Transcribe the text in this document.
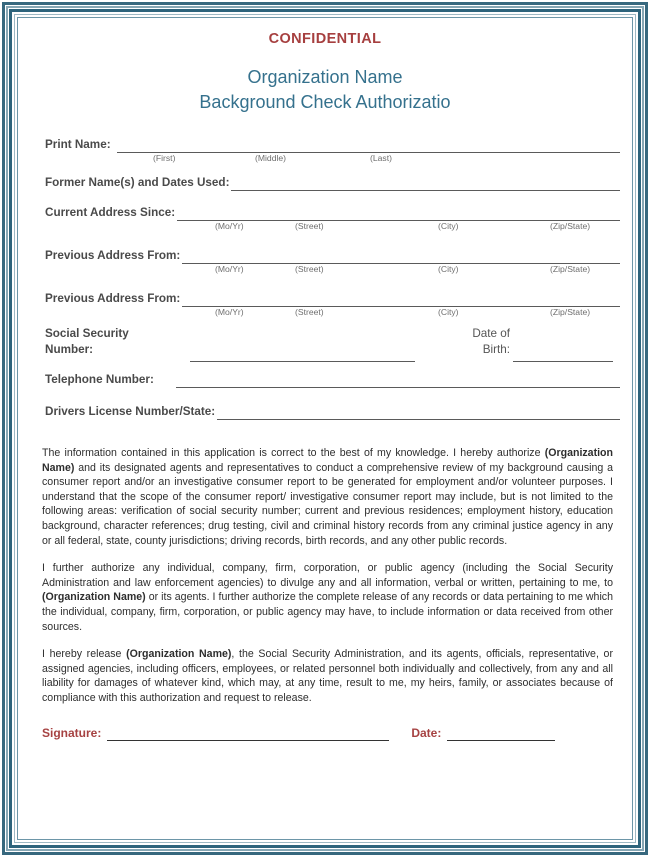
CONFIDENTIAL
Organization Name
Background Check Authorizatio
Print Name:
(First)	(Middle)	(Last)
Former Name(s) and Dates Used:
Current Address Since:
(Mo/Yr)	(Street)	(City)	(Zip/State)
Previous Address From:
(Mo/Yr)	(Street)	(City)	(Zip/State)
Previous Address From:
(Mo/Yr)	(Street)	(City)	(Zip/State)
Social Security
Number:
Date of
Birth:
Telephone Number:
Drivers License Number/State:

The information contained in this application is correct to the best of my knowledge. I hereby authorize (Organization Name) and its designated agents and representatives to conduct a comprehensive review of my background causing a consumer report and/or an investigative consumer report to be generated for employment and/or volunteer purposes. I understand that the scope of the consumer report/ investigative consumer report may include, but is not limited to the following areas: verification of social security number; current and previous residences; employment history, education background, character references; drug testing, civil and criminal history records from any criminal justice agency in any or all federal, state, county jurisdictions; driving records, birth records, and any other public records.

I further authorize any individual, company, firm, corporation, or public agency (including the Social Security Administration and law enforcement agencies) to divulge any and all information, verbal or written, pertaining to me, to (Organization Name) or its agents. I further authorize the complete release of any records or data pertaining to me which the individual, company, firm, corporation, or public agency may have, to include information or data received from other sources.

I hereby release (Organization Name), the Social Security Administration, and its agents, officials, representative, or assigned agencies, including officers, employees, or related personnel both individually and collectively, from any and all liability for damages of whatever kind, which may, at any time, result to me, my heirs, family, or associates because of compliance with this authorization and request to release.

Signature:	Date:
